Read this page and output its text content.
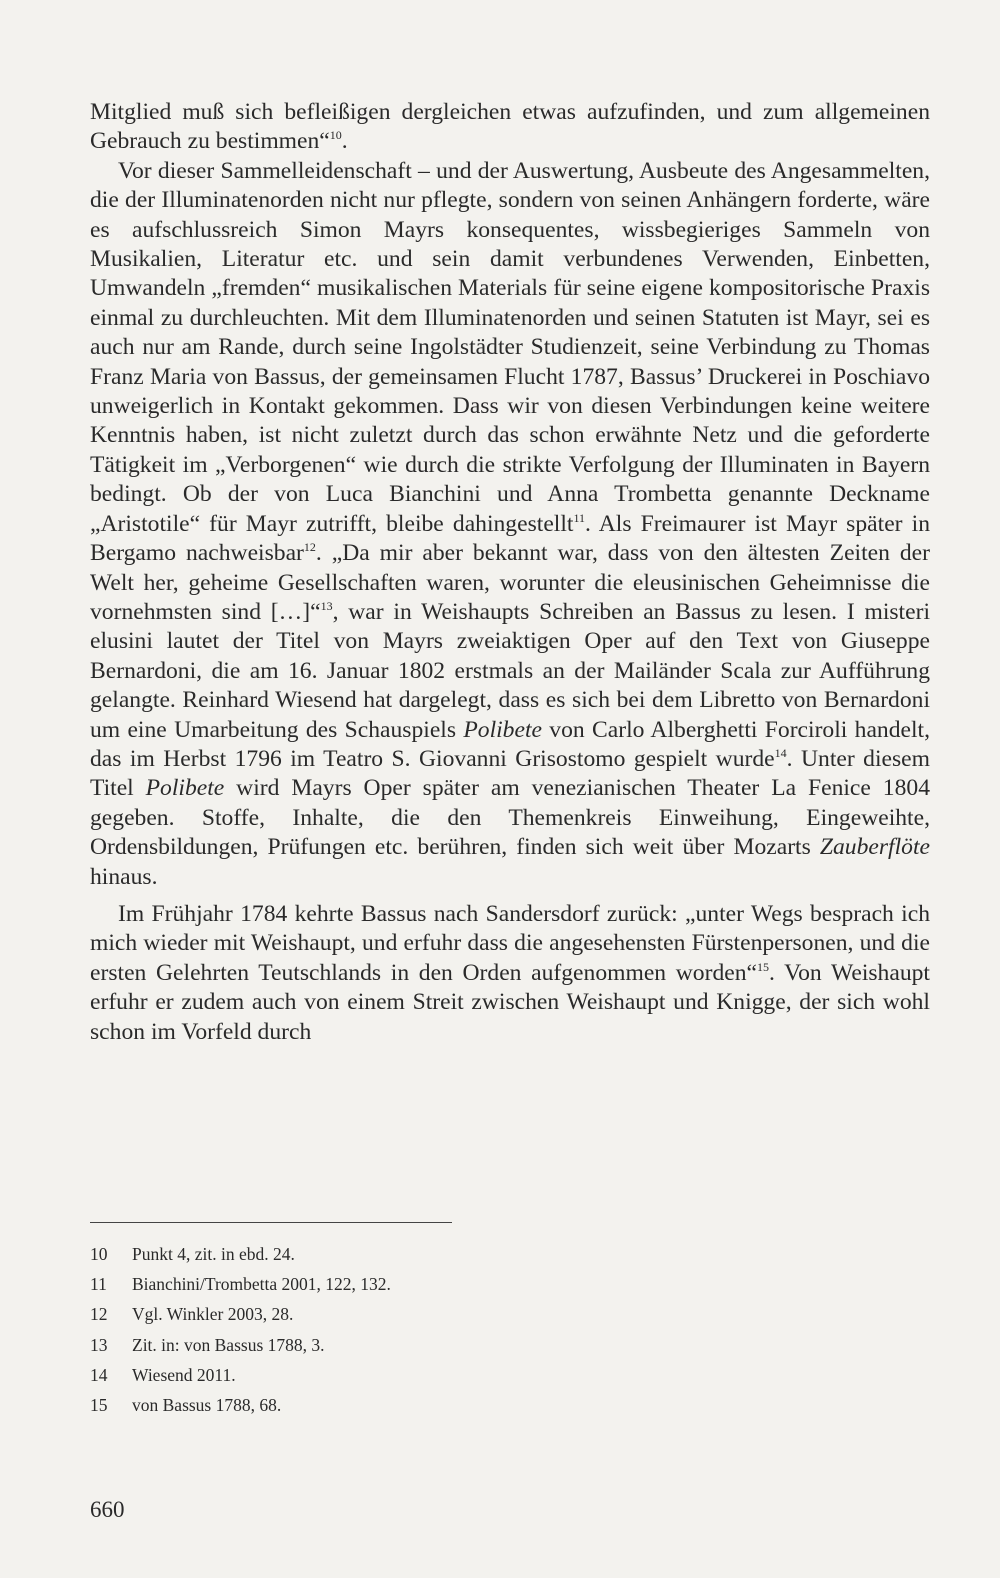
Mitglied muß sich befleißigen dergleichen etwas aufzufinden, und zum allgemeinen Gebrauch zu bestimmen“$^{10}$.

Vor dieser Sammelleidenschaft – und der Auswertung, Ausbeute des Angesammelten, die der Illuminatenorden nicht nur pflegte, sondern von seinen Anhängern forderte, wäre es aufschlussreich Simon Mayrs konsequentes, wissbegieriges Sammeln von Musikalien, Literatur etc. und sein damit verbundenes Verwenden, Einbetten, Umwandeln „fremden“ musikalischen Materials für seine eigene kompositorische Praxis einmal zu durchleuchten. Mit dem Illuminatenorden und seinen Statuten ist Mayr, sei es auch nur am Rande, durch seine Ingolstädter Studienzeit, seine Verbindung zu Thomas Franz Maria von Bassus, der gemeinsamen Flucht 1787, Bassus’ Druckerei in Poschiavo unweigerlich in Kontakt gekommen. Dass wir von diesen Verbindungen keine weitere Kenntnis haben, ist nicht zuletzt durch das schon erwähnte Netz und die geforderte Tätigkeit im „Verborgenen“ wie durch die strikte Verfolgung der Illuminaten in Bayern bedingt. Ob der von Luca Bianchini und Anna Trombetta genannte Deckname „Aristotile“ für Mayr zutrifft, bleibe dahingestellt$^{11}$. Als Freimaurer ist Mayr später in Bergamo nachweisbar$^{12}$. „Da mir aber bekannt war, dass von den ältesten Zeiten der Welt her, geheime Gesellschaften waren, worunter die eleusinischen Geheimnisse die vornehmsten sind […]“$^{13}$, war in Weishaupts Schreiben an Bassus zu lesen. I misteri elusini lautet der Titel von Mayrs zweiaktigen Oper auf den Text von Giuseppe Bernardoni, die am 16. Januar 1802 erstmals an der Mailänder Scala zur Aufführung gelangte. Reinhard Wiesend hat dargelegt, dass es sich bei dem Libretto von Bernardoni um eine Umarbeitung des Schauspiels Polibete von Carlo Alberghetti Forciroli handelt, das im Herbst 1796 im Teatro S. Giovanni Grisostomo gespielt wurde$^{14}$. Unter diesem Titel Polibete wird Mayrs Oper später am venezianischen Theater La Fenice 1804 gegeben. Stoffe, Inhalte, die den Themenkreis Einweihung, Eingeweihte, Ordensbildungen, Prüfungen etc. berühren, finden sich weit über Mozarts Zauberflöte hinaus.

Im Frühjahr 1784 kehrte Bassus nach Sandersdorf zurück: „unter Wegs besprach ich mich wieder mit Weishaupt, und erfuhr dass die angesehensten Fürstenpersonen, und die ersten Gelehrten Teutschlands in den Orden aufgenommen worden“$^{15}$. Von Weishaupt erfuhr er zudem auch von einem Streit zwischen Weishaupt und Knigge, der sich wohl schon im Vorfeld durch

10	Punkt 4, zit. in ebd. 24.
11	Bianchini/Trombetta 2001, 122, 132.
12	Vgl. Winkler 2003, 28.
13	Zit. in: von Bassus 1788, 3.
14	Wiesend 2011.
15	von Bassus 1788, 68.
660
